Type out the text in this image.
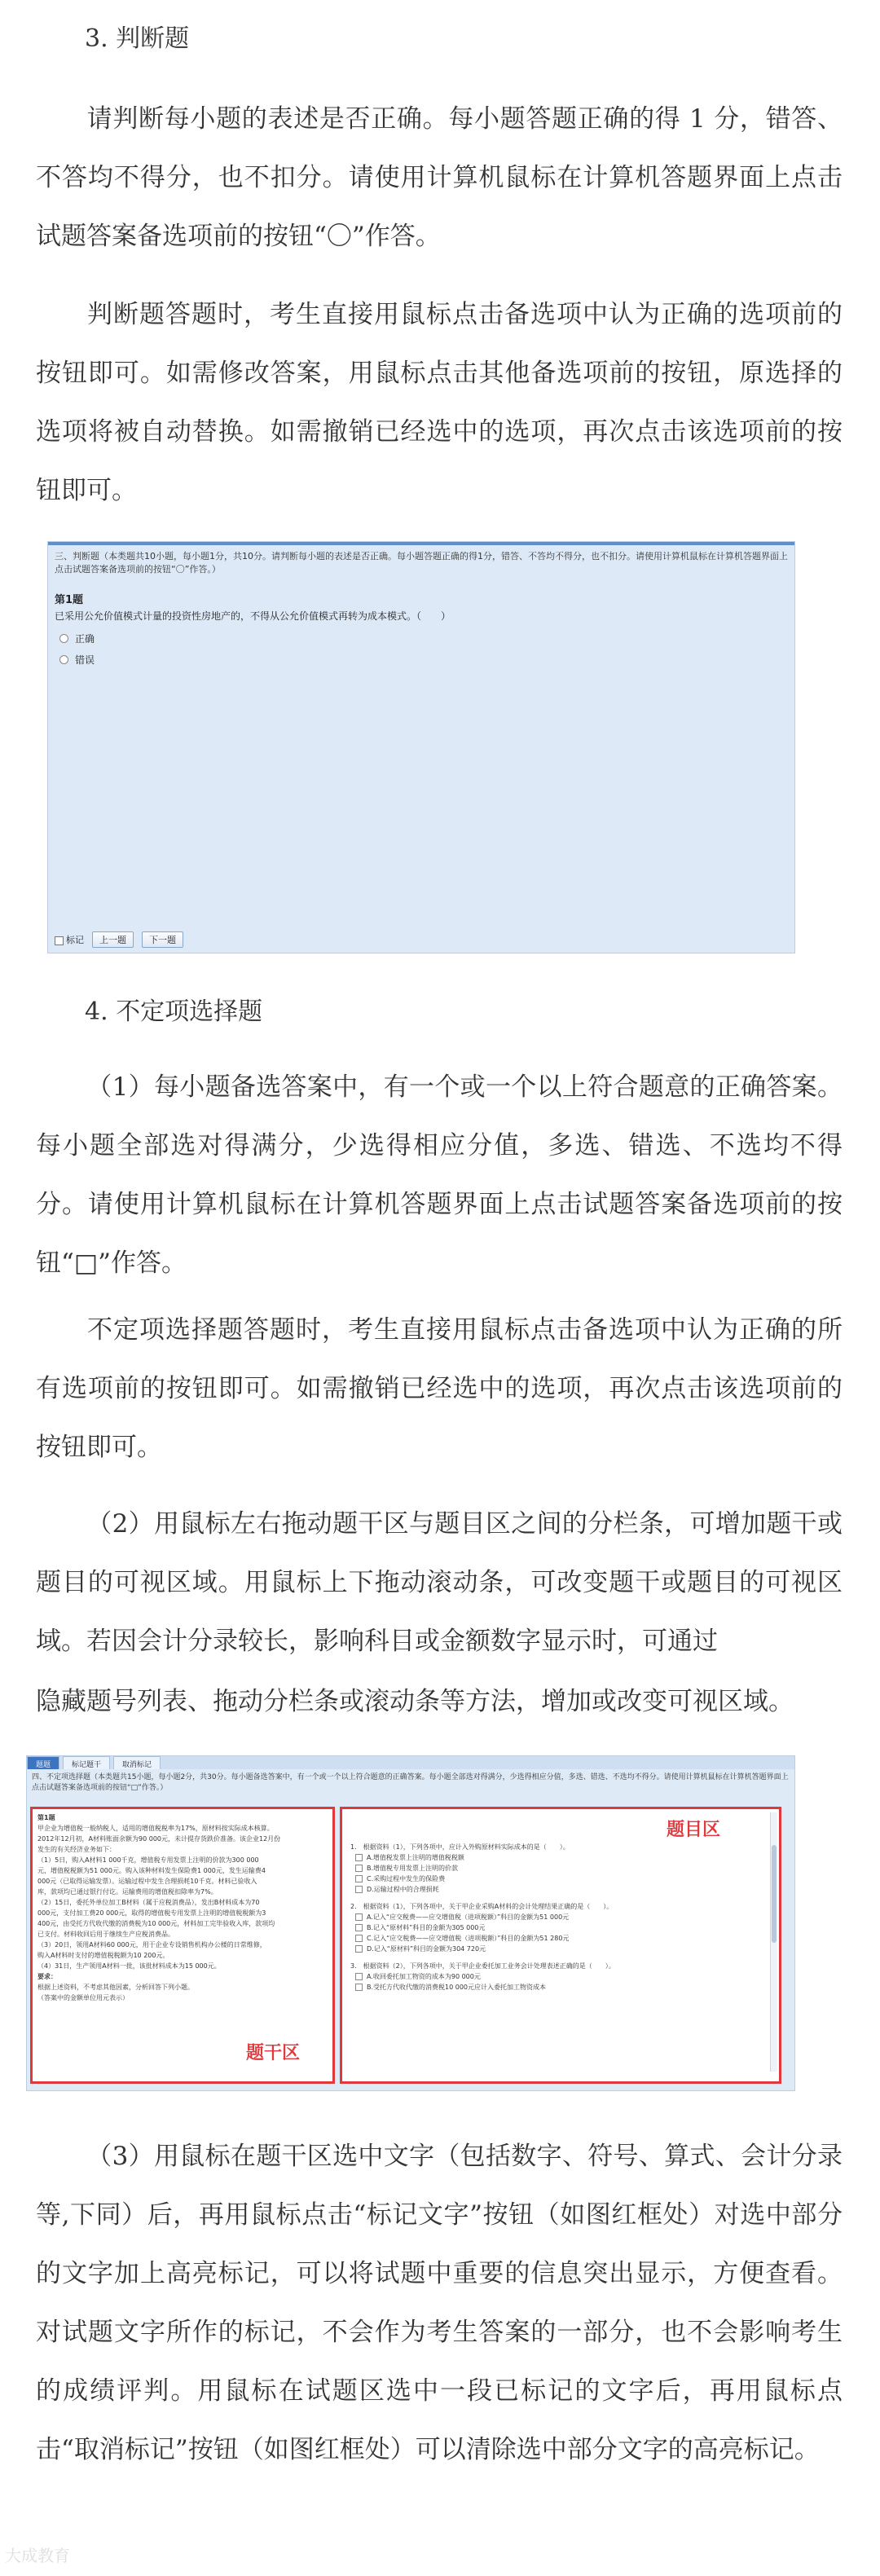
3. 判断题
请判断每小题的表述是否正确。每小题答题正确的得 1 分，错答、不答均不得分，也不扣分。请使用计算机鼠标在计算机答题界面上点击试题答案备选项前的按钮“〇”作答。
判断题答题时，考生直接用鼠标点击备选项中认为正确的选项前的按钮即可。如需修改答案，用鼠标点击其他备选项前的按钮，原选择的选项将被自动替换。如需撤销已经选中的选项，再次点击该选项前的按钮即可。
三、判断题（本类题共10小题，每小题1分，共10分。请判断每小题的表述是否正确。每小题答题正确的得1分，错答、不答均不得分，也不扣分。请使用计算机鼠标在计算机答题界面上点击试题答案备选项前的按钮“〇”作答。）
第1题
已采用公允价值模式计量的投资性房地产的，不得从公允价值模式再转为成本模式。（　　）
正确
错误
标记	上一题	下一题
4. 不定项选择题
（1）每小题备选答案中，有一个或一个以上符合题意的正确答案。每小题全部选对得满分，少选得相应分值，多选、错选、不选均不得分。请使用计算机鼠标在计算机答题界面上点击试题答案备选项前的按钮“□”作答。
不定项选择题答题时，考生直接用鼠标点击备选项中认为正确的所有选项前的按钮即可。如需撤销已经选中的选项，再次点击该选项前的按钮即可。
（2）用鼠标左右拖动题干区与题目区之间的分栏条，可增加题干或题目的可视区域。用鼠标上下拖动滚动条，可改变题干或题目的可视区域。若因会计分录较长，影响科目或金额数字显示时，可通过
隐藏题号列表、拖动分栏条或滚动条等方法，增加或改变可视区域。
题题	标记题干	取消标记
四、不定项选择题（本类题共15小题，每小题2分，共30分。每小题备选答案中，有一个或一个以上符合题意的正确答案。每小题全部选对得满分，少选得相应分值，多选、错选、不选均不得分。请使用计算机鼠标在计算机答题界面上点击试题答案备选项前的按钮“□”作答。）
第1题
甲企业为增值税一般纳税人，适用的增值税税率为17%，原材料按实际成本核算。
2012年12月初，A材料账面余额为90 000元，未计提存货跌价准备。该企业12月份
发生的有关经济业务如下：
（1）5日，购入A材料1 000千克，增值税专用发票上注明的价款为300 000
元，增值税税额为51 000元。购入该种材料发生保险费1 000元，发生运输费4
000元（已取得运输发票）。运输过程中发生合理损耗10千克。材料已验收入
库，款项均已通过银行付讫。运输费用的增值税扣除率为7%。
（2）15日，委托外单位加工B材料（属于应税消费品），发出B材料成本为70
000元，支付加工费20 000元，取得的增值税专用发票上注明的增值税税额为3
400元，由受托方代收代缴的消费税为10 000元，材料加工完毕验收入库，款项均
已支付。材料收回后用于继续生产应税消费品。
（3）20日，领用A材料60 000元，用于企业专设销售机构办公楼的日常维修，
购入A材料时支付的增值税税额为10 200元。
（4）31日，生产领用A材料一批，该批材料成本为15 000元。
要求：
根据上述资料，不考虑其他因素，分析回答下列小题。
（答案中的金额单位用元表示）
题干区
题目区
1.　根据资料（1），下列各项中，应计入外购原材料实际成本的是（　　）。
A.增值税发票上注明的增值税税额
B.增值税专用发票上注明的价款
C.采购过程中发生的保险费
D.运输过程中的合理损耗
2.　根据资料（1），下列各项中，关于甲企业采购A材料的会计处理结果正确的是（　　）。
A.记入“应交税费——应交增值税（进项税额）”科目的金额为51 000元
B.记入“原材料”科目的金额为305 000元
C.记入“应交税费——应交增值税（进项税额）”科目的金额为51 280元
D.记入“原材料”科目的金额为304 720元
3.　根据资料（2），下列各项中，关于甲企业委托加工业务会计处理表述正确的是（　　）。
A.收回委托加工物资的成本为90 000元
B.受托方代收代缴的消费税10 000元应计入委托加工物资成本
（3）用鼠标在题干区选中文字（包括数字、符号、算式、会计分录等,下同）后，再用鼠标点击“标记文字”按钮（如图红框处）对选中部分的文字加上高亮标记，可以将试题中重要的信息突出显示，方便查看。对试题文字所作的标记，不会作为考生答案的一部分，也不会影响考生的成绩评判。用鼠标在试题区选中一段已标记的文字后，再用鼠标点击“取消标记”按钮（如图红框处）可以清除选中部分文字的高亮标记。
大成教育
